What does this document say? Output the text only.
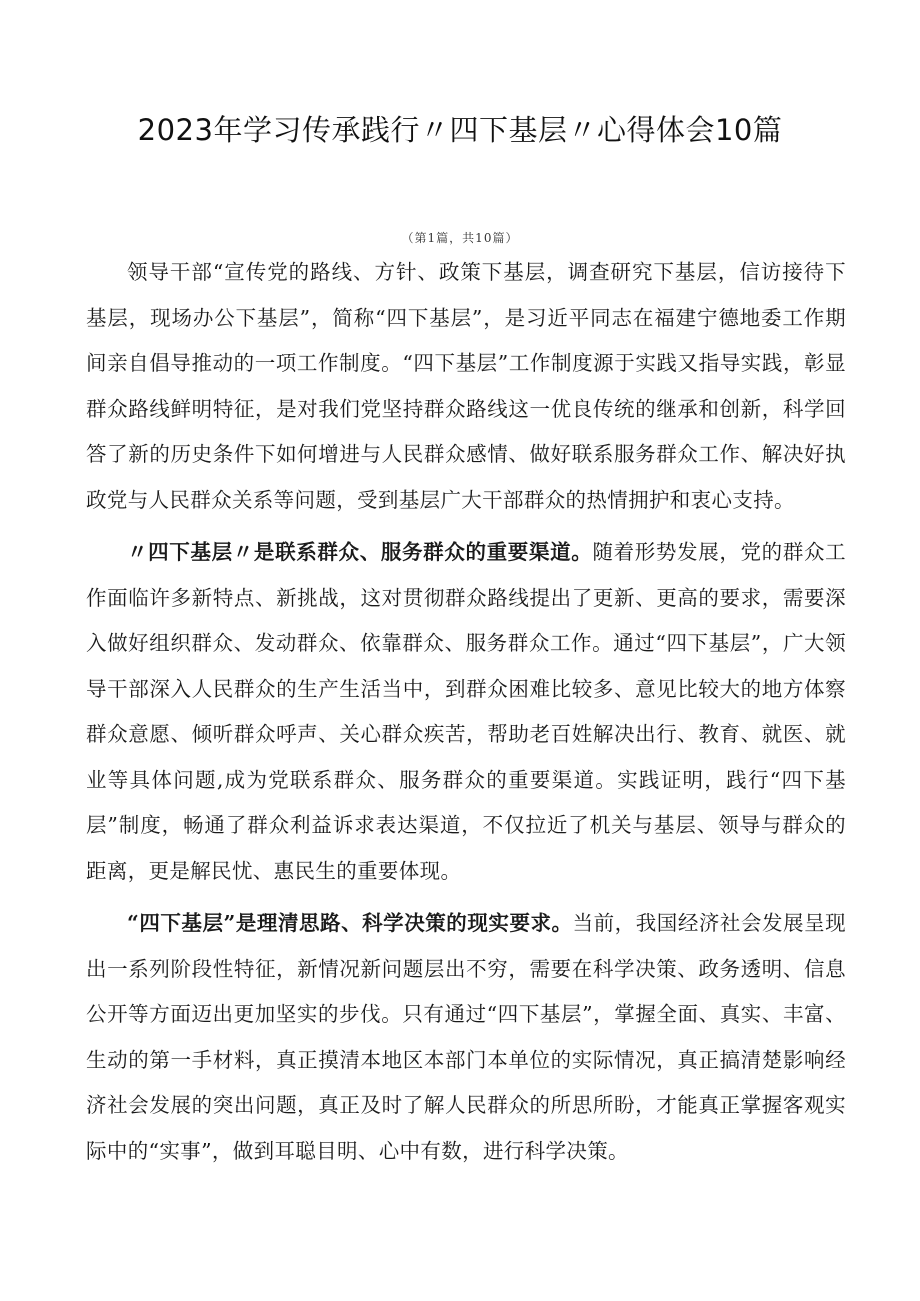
2023年学习传承践行〃四下基层〃心得体会10篇
（第1篇，共10篇）

领导干部“宣传党的路线、方针、政策下基层，调查研究下基层，信访接待下基层，现场办公下基层”，简称“四下基层”，是习近平同志在福建宁德地委工作期间亲自倡导推动的一项工作制度。“四下基层”工作制度源于实践又指导实践，彰显群众路线鲜明特征，是对我们党坚持群众路线这一优良传统的继承和创新，科学回答了新的历史条件下如何增进与人民群众感情、做好联系服务群众工作、解决好执政党与人民群众关系等问题，受到基层广大干部群众的热情拥护和衷心支持。

〃四下基层〃是联系群众、服务群众的重要渠道。随着形势发展，党的群众工作面临许多新特点、新挑战，这对贯彻群众路线提出了更新、更高的要求，需要深入做好组织群众、发动群众、依靠群众、服务群众工作。通过“四下基层”，广大领导干部深入人民群众的生产生活当中，到群众困难比较多、意见比较大的地方体察群众意愿、倾听群众呼声、关心群众疾苦，帮助老百姓解决出行、教育、就医、就业等具体问题,成为党联系群众、服务群众的重要渠道。实践证明，践行“四下基层”制度，畅通了群众利益诉求表达渠道，不仅拉近了机关与基层、领导与群众的距离，更是解民忧、惠民生的重要体现。

“四下基层”是理清思路、科学决策的现实要求。当前，我国经济社会发展呈现出一系列阶段性特征，新情况新问题层出不穷，需要在科学决策、政务透明、信息公开等方面迈出更加坚实的步伐。只有通过“四下基层”，掌握全面、真实、丰富、生动的第一手材料，真正摸清本地区本部门本单位的实际情况，真正搞清楚影响经济社会发展的突出问题，真正及时了解人民群众的所思所盼，才能真正掌握客观实际中的“实事”，做到耳聪目明、心中有数，进行科学决策。
